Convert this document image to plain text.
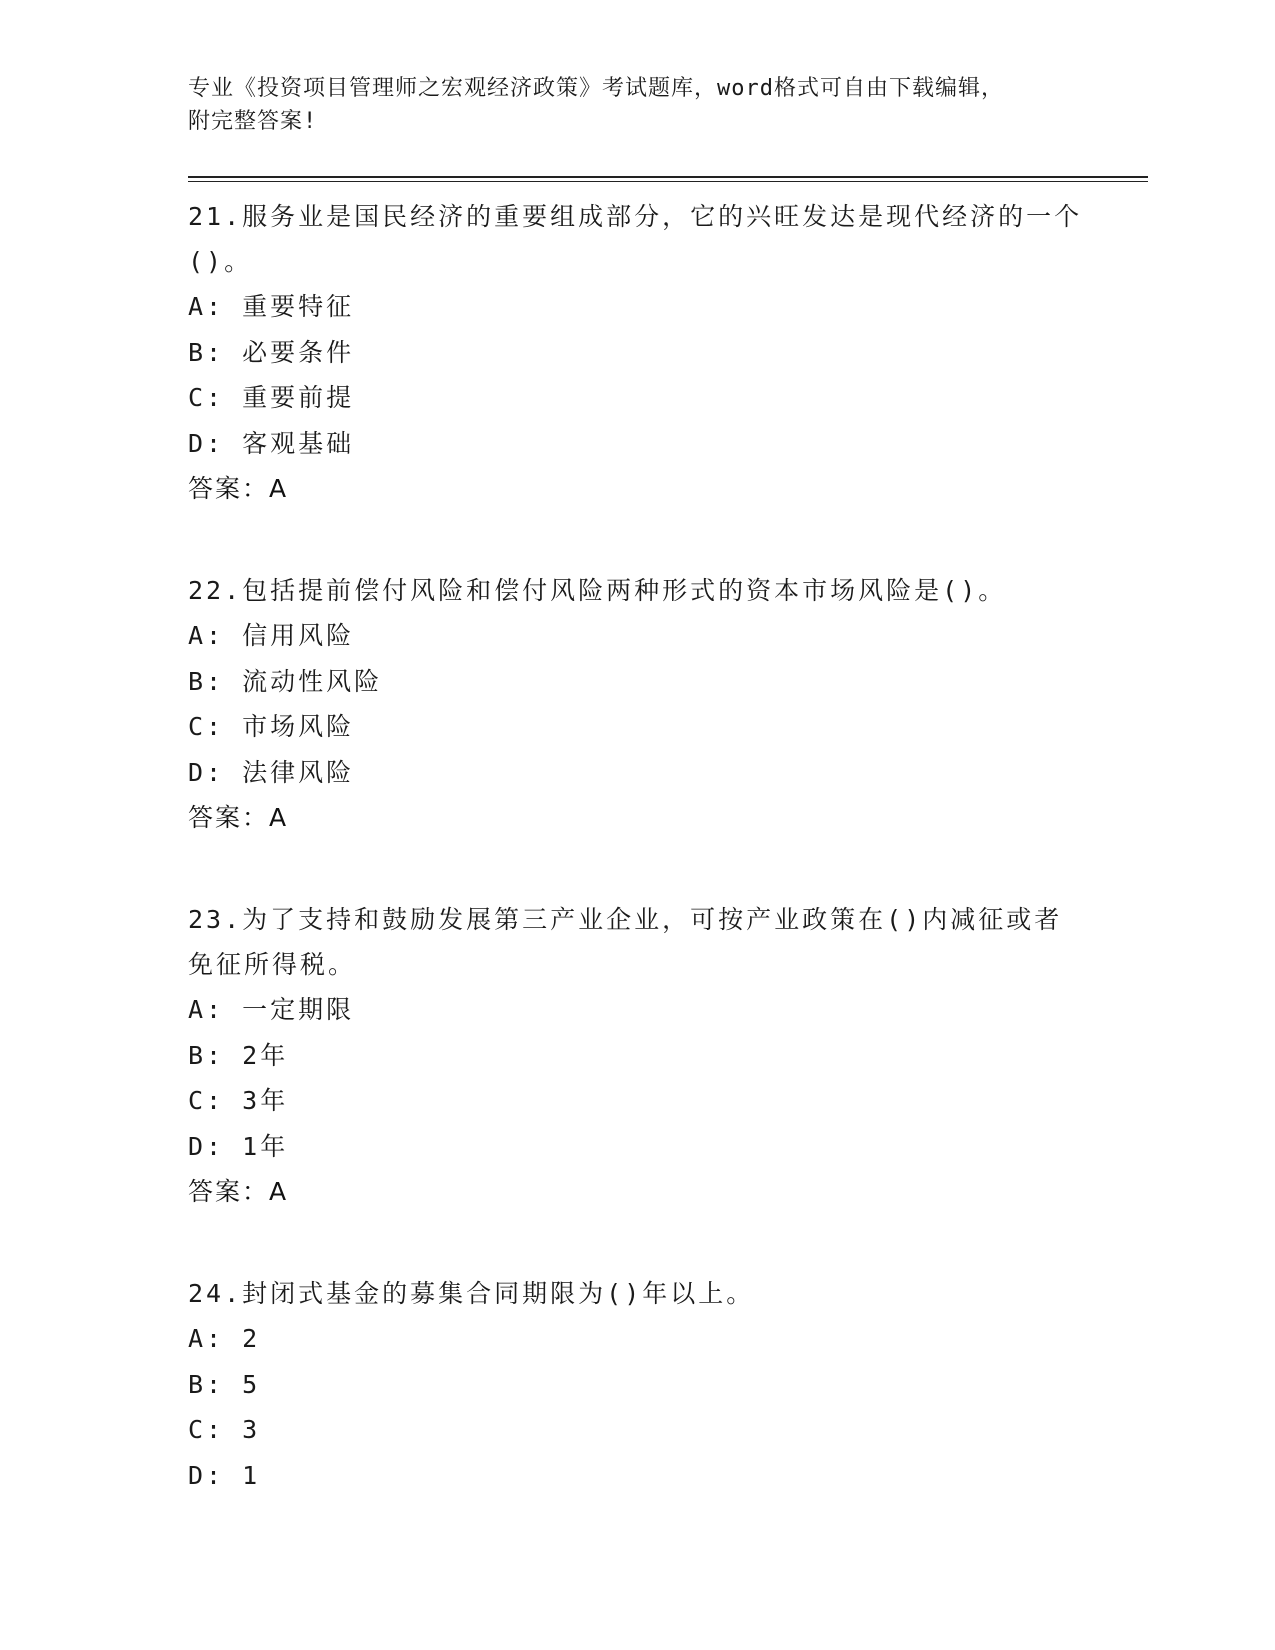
专业《投资项目管理师之宏观经济政策》考试题库，word格式可自由下载编辑，

附完整答案!

21.服务业是国民经济的重要组成部分，它的兴旺发达是现代经济的一个()。

A: 重要特征

B: 必要条件

C: 重要前提

D: 客观基础

答案：A

22.包括提前偿付风险和偿付风险两种形式的资本市场风险是()。

A: 信用风险

B: 流动性风险

C: 市场风险

D: 法律风险

答案：A

23.为了支持和鼓励发展第三产业企业，可按产业政策在()内减征或者免征所得税。

A: 一定期限

B: 2年

C: 3年

D: 1年

答案：A

24.封闭式基金的募集合同期限为()年以上。

A: 2

B: 5

C: 3

D: 1
